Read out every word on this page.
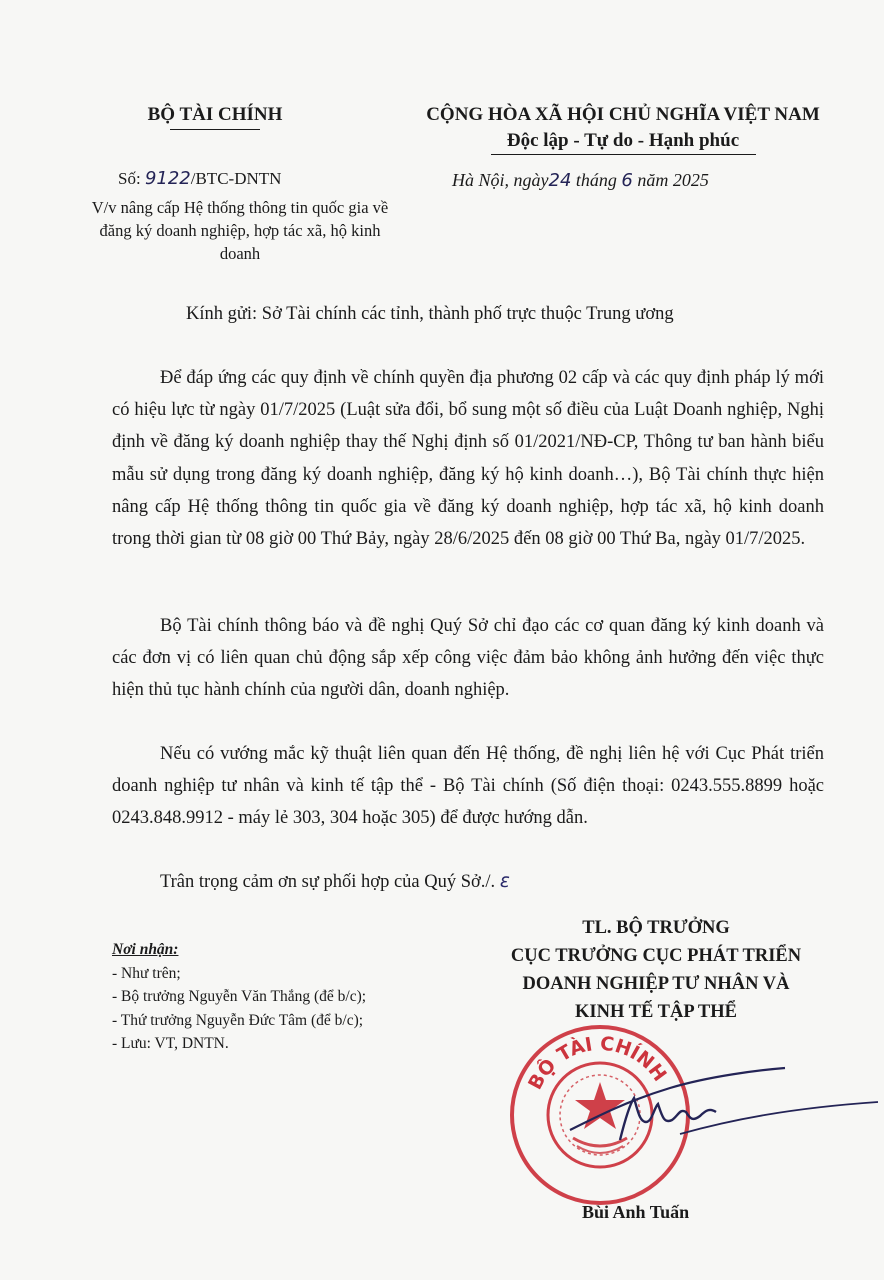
BỘ TÀI CHÍNH	CỘNG HÒA XÃ HỘI CHỦ NGHĨA VIỆT NAM
Độc lập - Tự do - Hạnh phúc
Số: 9122/BTC-DNTN
V/v nâng cấp Hệ thống thông tin quốc gia về đăng ký doanh nghiệp, hợp tác xã, hộ kinh doanh
Hà Nội, ngày24 tháng 6 năm 2025
Kính gửi: Sở Tài chính các tỉnh, thành phố trực thuộc Trung ương
Để đáp ứng các quy định về chính quyền địa phương 02 cấp và các quy định pháp lý mới có hiệu lực từ ngày 01/7/2025 (Luật sửa đổi, bổ sung một số điều của Luật Doanh nghiệp, Nghị định về đăng ký doanh nghiệp thay thế Nghị định số 01/2021/NĐ-CP, Thông tư ban hành biểu mẫu sử dụng trong đăng ký doanh nghiệp, đăng ký hộ kinh doanh…), Bộ Tài chính thực hiện nâng cấp Hệ thống thông tin quốc gia về đăng ký doanh nghiệp, hợp tác xã, hộ kinh doanh trong thời gian từ 08 giờ 00 Thứ Bảy, ngày 28/6/2025 đến 08 giờ 00 Thứ Ba, ngày 01/7/2025.
Bộ Tài chính thông báo và đề nghị Quý Sở chỉ đạo các cơ quan đăng ký kinh doanh và các đơn vị có liên quan chủ động sắp xếp công việc đảm bảo không ảnh hưởng đến việc thực hiện thủ tục hành chính của người dân, doanh nghiệp.
Nếu có vướng mắc kỹ thuật liên quan đến Hệ thống, đề nghị liên hệ với Cục Phát triển doanh nghiệp tư nhân và kinh tế tập thể - Bộ Tài chính (Số điện thoại: 0243.555.8899 hoặc 0243.848.9912 - máy lẻ 303, 304 hoặc 305) để được hướng dẫn.
Trân trọng cảm ơn sự phối hợp của Quý Sở./. ɛ
Nơi nhận:
- Như trên;
- Bộ trưởng Nguyễn Văn Thắng (để b/c);
- Thứ trưởng Nguyễn Đức Tâm (để b/c);
- Lưu: VT, DNTN.
TL. BỘ TRƯỞNG
CỤC TRƯỞNG CỤC PHÁT TRIỂN
DOANH NGHIỆP TƯ NHÂN VÀ
KINH TẾ TẬP THỂ
BỘ TÀI CHÍNH
Bùi Anh Tuấn
